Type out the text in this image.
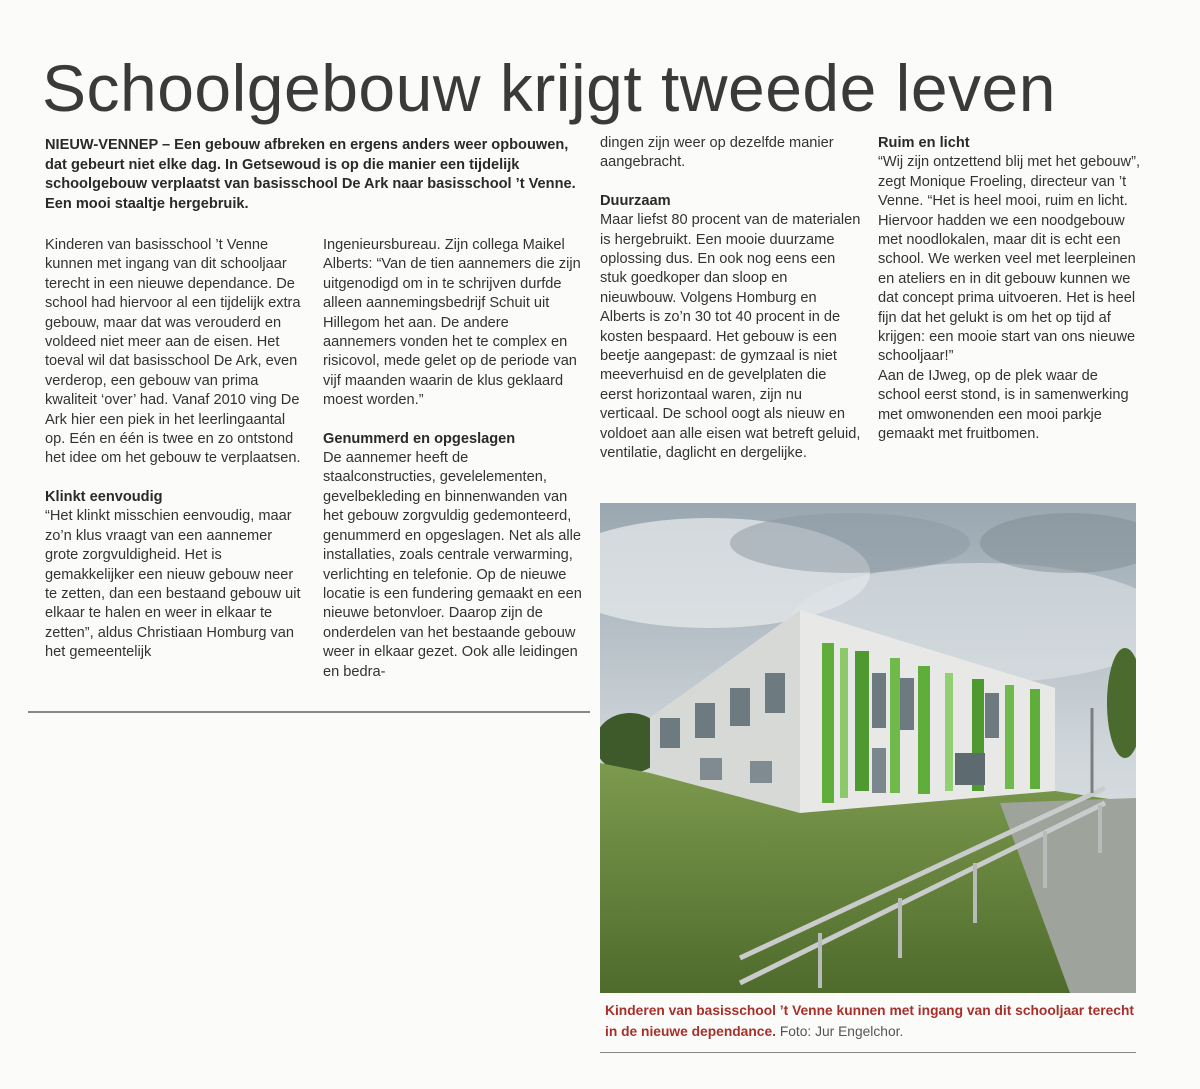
Schoolgebouw krijgt tweede leven

NIEUW-VENNEP – Een gebouw afbreken en ergens anders weer opbouwen, dat gebeurt niet elke dag. In Getsewoud is op die manier een tijdelijk schoolgebouw verplaatst van basisschool De Ark naar basisschool ’t Venne. Een mooi staaltje hergebruik.

Kinderen van basisschool ’t Venne kunnen met ingang van dit schooljaar terecht in een nieuwe dependance. De school had hiervoor al een tijdelijk extra gebouw, maar dat was verouderd en voldeed niet meer aan de eisen. Het toeval wil dat basisschool De Ark, even verderop, een gebouw van prima kwaliteit ‘over’ had. Vanaf 2010 ving De Ark hier een piek in het leerlingaantal op. Eén en één is twee en zo ontstond het idee om het gebouw te verplaatsen.

Klinkt eenvoudig

“Het klinkt misschien eenvoudig, maar zo’n klus vraagt van een aannemer grote zorgvuldigheid. Het is gemakkelijker een nieuw gebouw neer te zetten, dan een bestaand gebouw uit elkaar te halen en weer in elkaar te zetten”, aldus Christiaan Homburg van het gemeentelijk

Ingenieursbureau. Zijn collega Maikel Alberts: “Van de tien aannemers die zijn uitgenodigd om in te schrijven durfde alleen aannemingsbedrijf Schuit uit Hillegom het aan. De andere aannemers vonden het te complex en risicovol, mede gelet op de periode van vijf maanden waarin de klus geklaard moest worden.”

Genummerd en opgeslagen

De aannemer heeft de staalconstructies, gevelelementen, gevelbekleding en binnenwanden van het gebouw zorgvuldig gedemonteerd, genummerd en opgeslagen. Net als alle installaties, zoals centrale verwarming, verlichting en telefonie. Op de nieuwe locatie is een fundering gemaakt en een nieuwe betonvloer. Daarop zijn de onderdelen van het bestaande gebouw weer in elkaar gezet. Ook alle leidingen en bedra-

dingen zijn weer op dezelfde manier aangebracht.

Duurzaam

Maar liefst 80 procent van de materialen is hergebruikt. Een mooie duurzame oplossing dus. En ook nog eens een stuk goedkoper dan sloop en nieuwbouw. Volgens Homburg en Alberts is zo’n 30 tot 40 procent in de kosten bespaard. Het gebouw is een beetje aangepast: de gymzaal is niet meeverhuisd en de gevelplaten die eerst horizontaal waren, zijn nu verticaal. De school oogt als nieuw en voldoet aan alle eisen wat betreft geluid, ventilatie, daglicht en dergelijke.

Ruim en licht

“Wij zijn ontzettend blij met het gebouw”, zegt Monique Froeling, directeur van ’t Venne. “Het is heel mooi, ruim en licht. Hiervoor hadden we een noodgebouw met noodlokalen, maar dit is echt een school. We werken veel met leerpleinen en ateliers en in dit gebouw kunnen we dat concept prima uitvoeren. Het is heel fijn dat het gelukt is om het op tijd af krijgen: een mooie start van ons nieuwe schooljaar!”

Aan de IJweg, op de plek waar de school eerst stond, is in samenwerking met omwonenden een mooi parkje gemaakt met fruitbomen.

Kinderen van basisschool ’t Venne kunnen met ingang van dit schooljaar terecht in de nieuwe dependance. Foto: Jur Engelchor.
